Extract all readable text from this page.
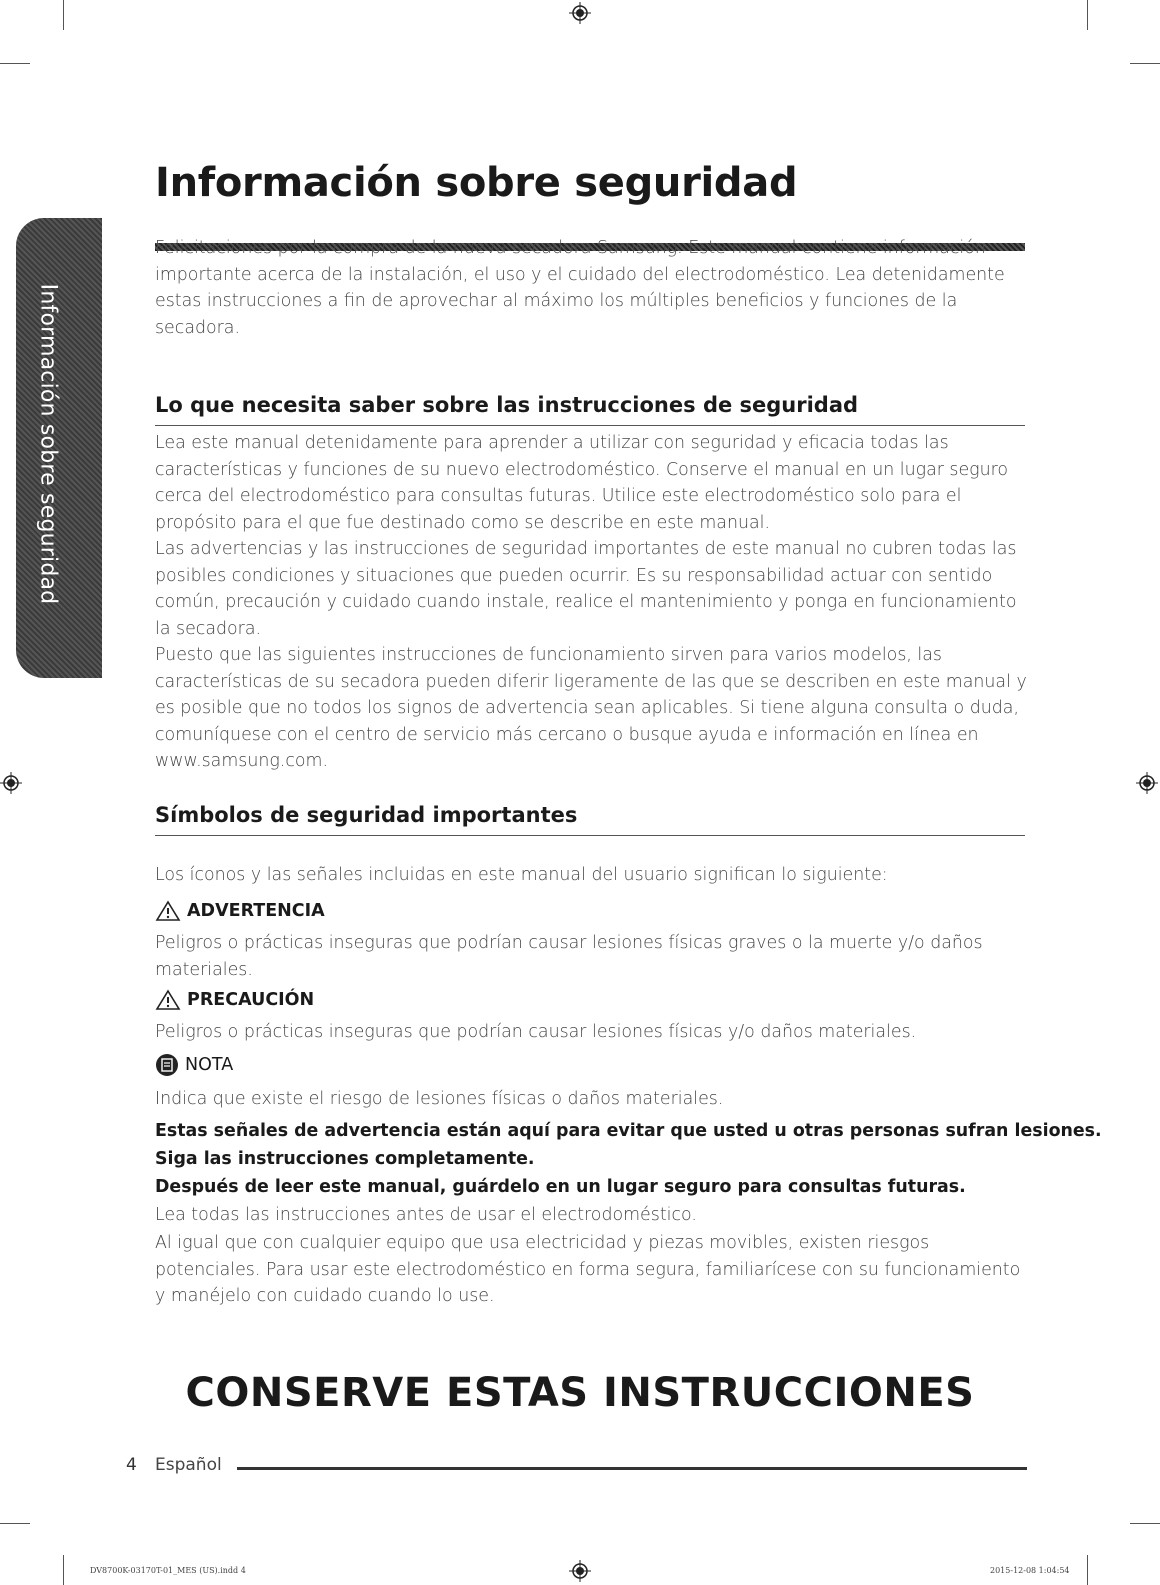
Información sobre seguridad
Información sobre seguridad
Felicitaciones por la compra de la nueva secadora Samsung. Este manual contiene información importante acerca de la instalación, el uso y el cuidado del electrodoméstico. Lea detenidamente estas instrucciones a fin de aprovechar al máximo los múltiples beneficios y funciones de la secadora.
Lo que necesita saber sobre las instrucciones de seguridad
Lea este manual detenidamente para aprender a utilizar con seguridad y eficacia todas las características y funciones de su nuevo electrodoméstico. Conserve el manual en un lugar seguro cerca del electrodoméstico para consultas futuras. Utilice este electrodoméstico solo para el propósito para el que fue destinado como se describe en este manual.
Las advertencias y las instrucciones de seguridad importantes de este manual no cubren todas las posibles condiciones y situaciones que pueden ocurrir. Es su responsabilidad actuar con sentido común, precaución y cuidado cuando instale, realice el mantenimiento y ponga en funcionamiento la secadora.
Puesto que las siguientes instrucciones de funcionamiento sirven para varios modelos, las características de su secadora pueden diferir ligeramente de las que se describen en este manual y es posible que no todos los signos de advertencia sean aplicables. Si tiene alguna consulta o duda, comuníquese con el centro de servicio más cercano o busque ayuda e información en línea en www.samsung.com.
Símbolos de seguridad importantes
Los íconos y las señales incluidas en este manual del usuario significan lo siguiente:
ADVERTENCIA
Peligros o prácticas inseguras que podrían causar lesiones físicas graves o la muerte y/o daños materiales.
PRECAUCIÓN
Peligros o prácticas inseguras que podrían causar lesiones físicas y/o daños materiales.
NOTA
Indica que existe el riesgo de lesiones físicas o daños materiales.
Estas señales de advertencia están aquí para evitar que usted u otras personas sufran lesiones.
Siga las instrucciones completamente.
Después de leer este manual, guárdelo en un lugar seguro para consultas futuras.
Lea todas las instrucciones antes de usar el electrodoméstico.
Al igual que con cualquier equipo que usa electricidad y piezas movibles, existen riesgos potenciales. Para usar este electrodoméstico en forma segura, familiarícese con su funcionamiento y manéjelo con cuidado cuando lo use.
CONSERVE ESTAS INSTRUCCIONES
4 Español
DV8700K-03170T-01_MES (US).indd 4	2015-12-08 1:04:54
